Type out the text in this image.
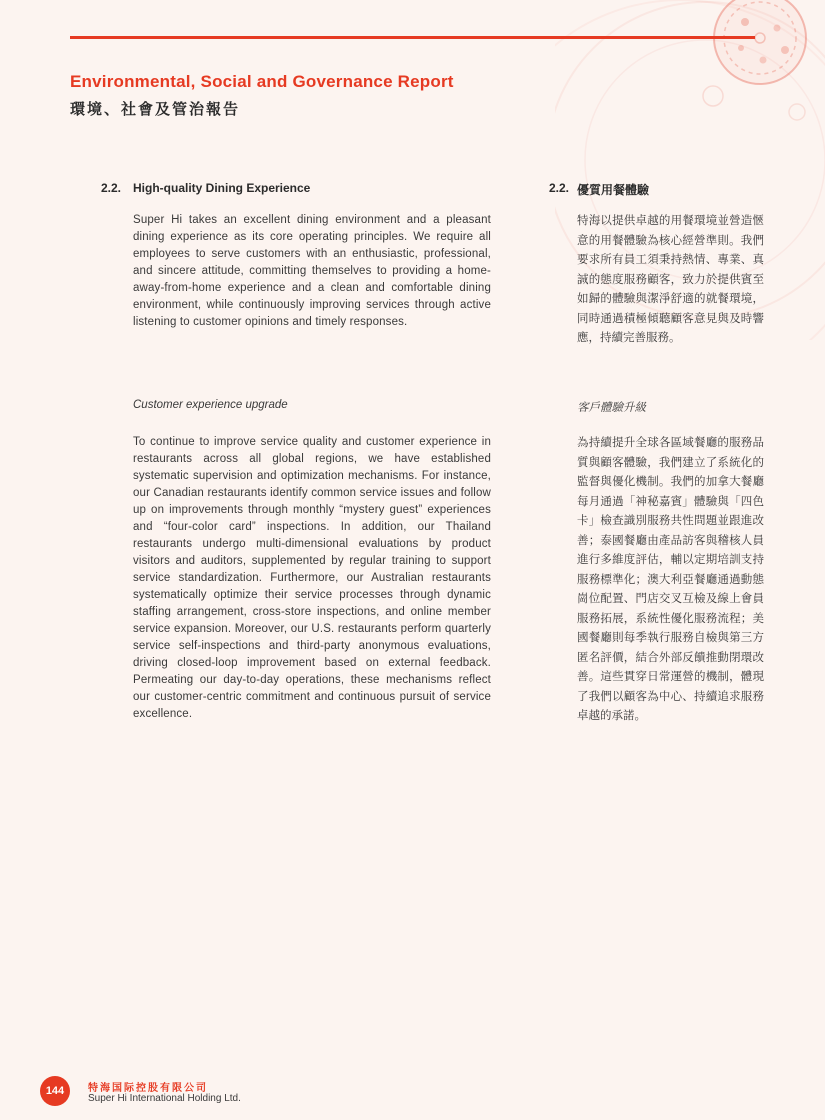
Environmental, Social and Governance Report
環境、社會及管治報告
2.2. High-quality Dining Experience
Super Hi takes an excellent dining environment and a pleasant dining experience as its core operating principles. We require all employees to serve customers with an enthusiastic, professional, and sincere attitude, committing themselves to providing a home-away-from-home experience and a clean and comfortable dining environment, while continuously improving services through active listening to customer opinions and timely responses.
Customer experience upgrade
To continue to improve service quality and customer experience in restaurants across all global regions, we have established systematic supervision and optimization mechanisms. For instance, our Canadian restaurants identify common service issues and follow up on improvements through monthly “mystery guest” experiences and “four-color card” inspections. In addition, our Thailand restaurants undergo multi-dimensional evaluations by product visitors and auditors, supplemented by regular training to support service standardization. Furthermore, our Australian restaurants systematically optimize their service processes through dynamic staffing arrangement, cross-store inspections, and online member service expansion. Moreover, our U.S. restaurants perform quarterly service self-inspections and third-party anonymous evaluations, driving closed-loop improvement based on external feedback. Permeating our day-to-day operations, these mechanisms reflect our customer-centric commitment and continuous pursuit of service excellence.
2.2. 優質用餐體驗
特海以提供卓越的用餐環境並營造愜意的用餐體驗為核心經營準則。我們要求所有員工須秉持熱情、專業、真誠的態度服務顧客，致力於提供賓至如歸的體驗與潔淨舒適的就餐環境，同時通過積極傾聽顧客意見與及時響應，持續完善服務。
客戶體驗升級
為持續提升全球各區域餐廳的服務品質與顧客體驗，我們建立了系統化的監督與優化機制。我們的加拿大餐廳每月通過「神秘嘉賓」體驗與「四色卡」檢查識別服務共性問題並跟進改善；泰國餐廳由產品訪客與稽核人員進行多維度評估，輔以定期培訓支持服務標準化；澳大利亞餐廳通過動態崗位配置、門店交叉互檢及線上會員服務拓展，系統性優化服務流程；美國餐廳則每季執行服務自檢與第三方匿名評價，結合外部反饋推動閉環改善。這些貫穿日常運營的機制，體現了我們以顧客為中心、持續追求服務卓越的承諾。
144 特海国际控股有限公司
Super Hi International Holding Ltd.
